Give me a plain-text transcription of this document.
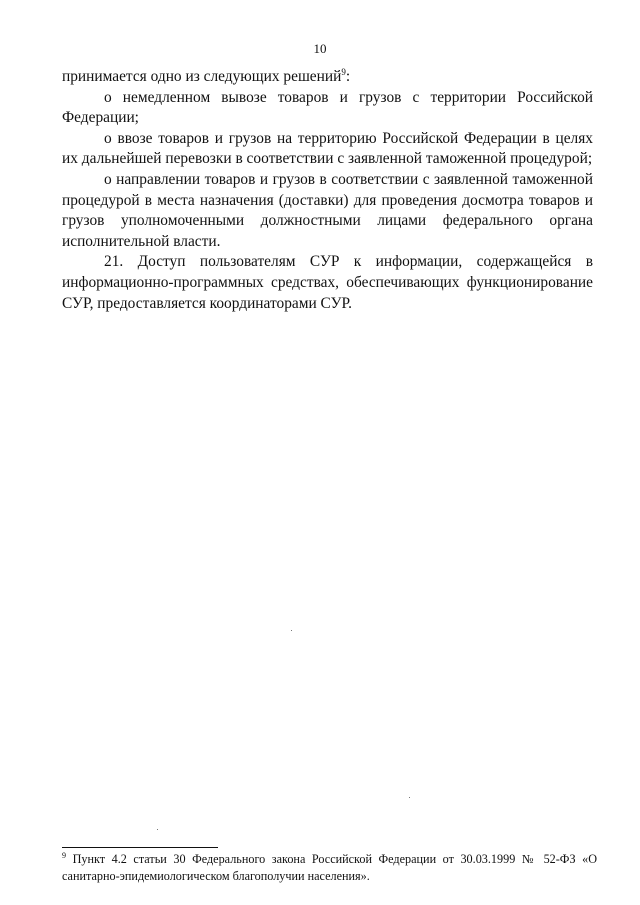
10

принимается одно из следующих решений$^9$:

о немедленном вывозе товаров и грузов с территории Российской Федерации;

о ввозе товаров и грузов на территорию Российской Федерации в целях их дальнейшей перевозки в соответствии с заявленной таможенной процедурой;

о направлении товаров и грузов в соответствии с заявленной таможенной процедурой в места назначения (доставки) для проведения досмотра товаров и грузов уполномоченными должностными лицами федерального органа исполнительной власти.

21. Доступ пользователям СУР к информации, содержащейся в информационно-программных средствах, обеспечивающих функционирование СУР, предоставляется координаторами СУР.

$^9$ Пункт 4.2 статьи 30 Федерального закона Российской Федерации от 30.03.1999 № 52-ФЗ «О санитарно-эпидемиологическом благополучии населения».
